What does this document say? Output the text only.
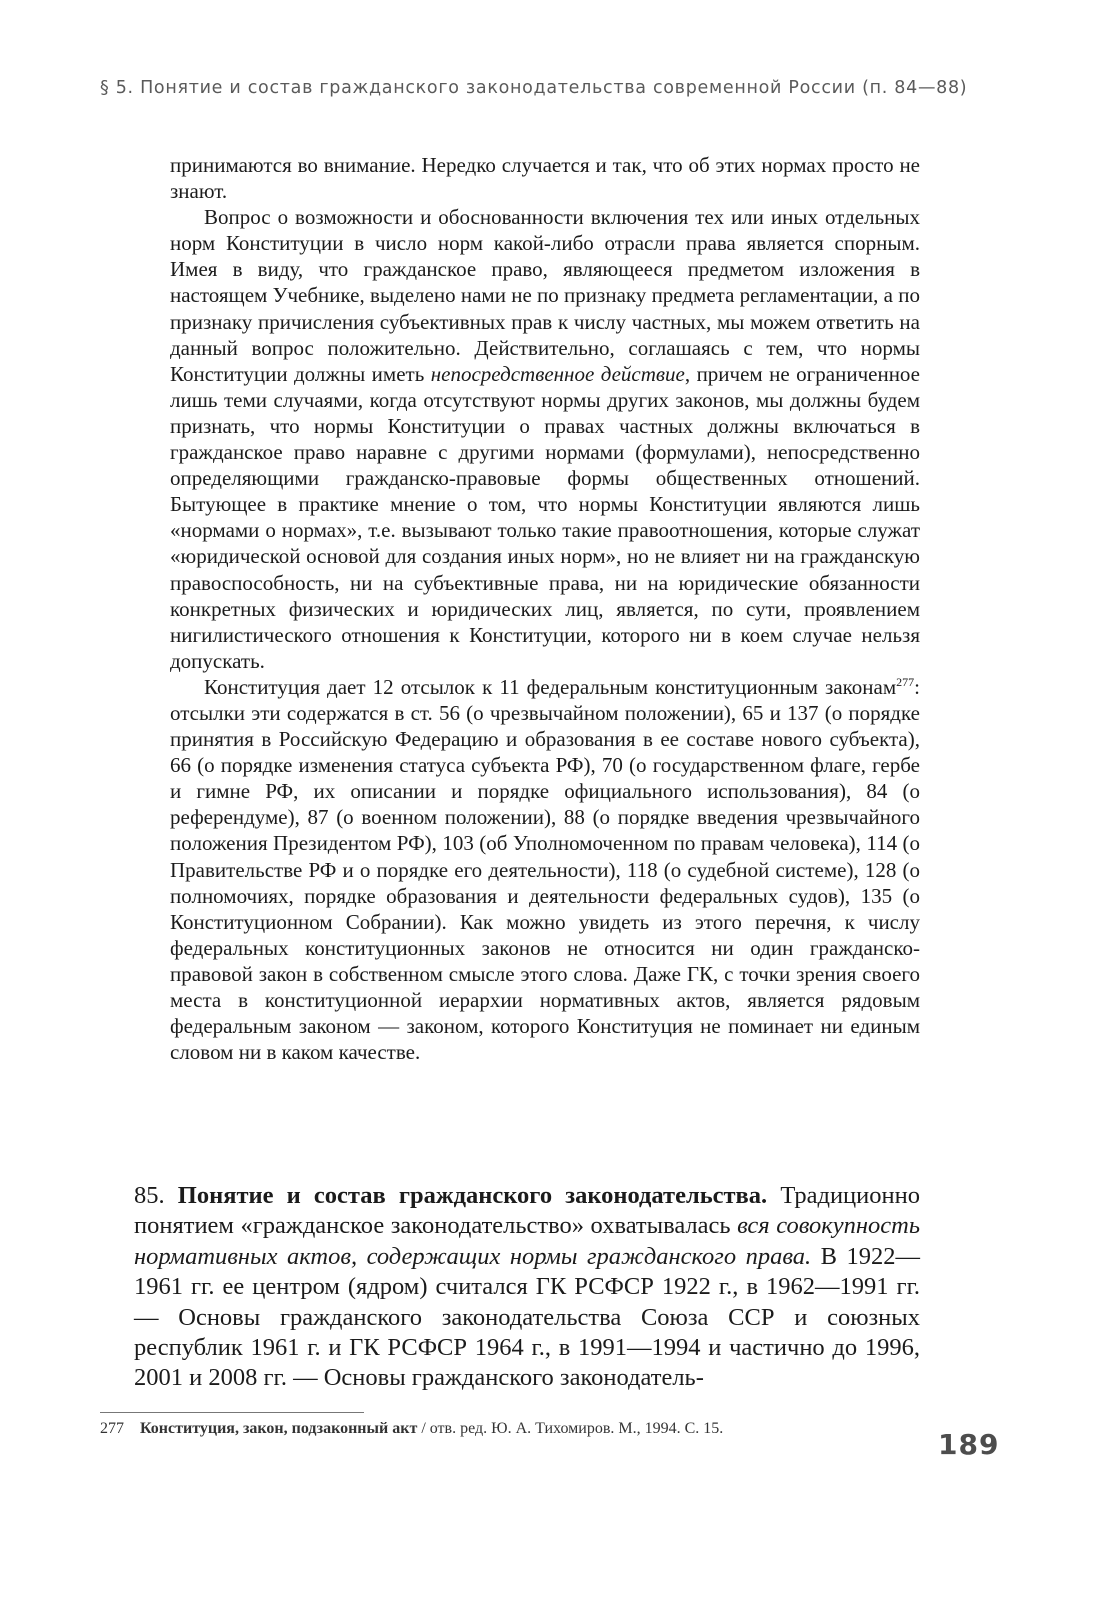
§ 5. Понятие и состав гражданского законодательства современной России (п. 84—88)

принимаются во внимание. Нередко случается и так, что об этих нормах просто не знают.

Вопрос о возможности и обоснованности включения тех или иных отдельных норм Конституции в число норм какой-либо отрасли права является спорным. Имея в виду, что гражданское право, являющееся предметом изложения в настоящем Учебнике, выделено нами не по признаку предмета регламентации, а по признаку причисления субъективных прав к числу частных, мы можем ответить на данный вопрос положительно. Действительно, соглашаясь с тем, что нормы Конституции должны иметь непосредственное действие, причем не ограниченное лишь теми случаями, когда отсутствуют нормы других законов, мы должны будем признать, что нормы Конституции о правах частных должны включаться в гражданское право наравне с другими нормами (формулами), непосредственно определяющими гражданско-правовые формы общественных отношений. Бытующее в практике мнение о том, что нормы Конституции являются лишь «нормами о нормах», т.е. вызывают только такие правоотношения, которые служат «юридической основой для создания иных норм», но не влияет ни на гражданскую правоспособность, ни на субъективные права, ни на юридические обязанности конкретных физических и юридических лиц, является, по сути, проявлением нигилистического отношения к Конституции, которого ни в коем случае нельзя допускать.

Конституция дает 12 отсылок к 11 федеральным конституционным законам$^{277}$: отсылки эти содержатся в ст. 56 (о чрезвычайном положении), 65 и 137 (о порядке принятия в Российскую Федерацию и образования в ее составе нового субъекта), 66 (о порядке изменения статуса субъекта РФ), 70 (о государственном флаге, гербе и гимне РФ, их описании и порядке официального использования), 84 (о референдуме), 87 (о военном положении), 88 (о порядке введения чрезвычайного положения Президентом РФ), 103 (об Уполномоченном по правам человека), 114 (о Правительстве РФ и о порядке его деятельности), 118 (о судебной системе), 128 (о полномочиях, порядке образования и деятельности федеральных судов), 135 (о Конституционном Собрании). Как можно увидеть из этого перечня, к числу федеральных конституционных законов не относится ни один гражданско-правовой закон в собственном смысле этого слова. Даже ГК, с точки зрения своего места в конституционной иерархии нормативных актов, является рядовым федеральным законом — законом, которого Конституция не поминает ни единым словом ни в каком качестве.

85. Понятие и состав гражданского законодательства. Традиционно понятием «гражданское законодательство» охватывалась вся совокупность нормативных актов, содержащих нормы гражданского права. В 1922—1961 гг. ее центром (ядром) считался ГК РСФСР 1922 г., в 1962—1991 гг. — Основы гражданского законодательства Союза ССР и союзных республик 1961 г. и ГК РСФСР 1964 г., в 1991—1994 и частично до 1996, 2001 и 2008 гг. — Основы гражданского законодатель-

277 Конституция, закон, подзаконный акт / отв. ред. Ю. А. Тихомиров. М., 1994. С. 15.	189
